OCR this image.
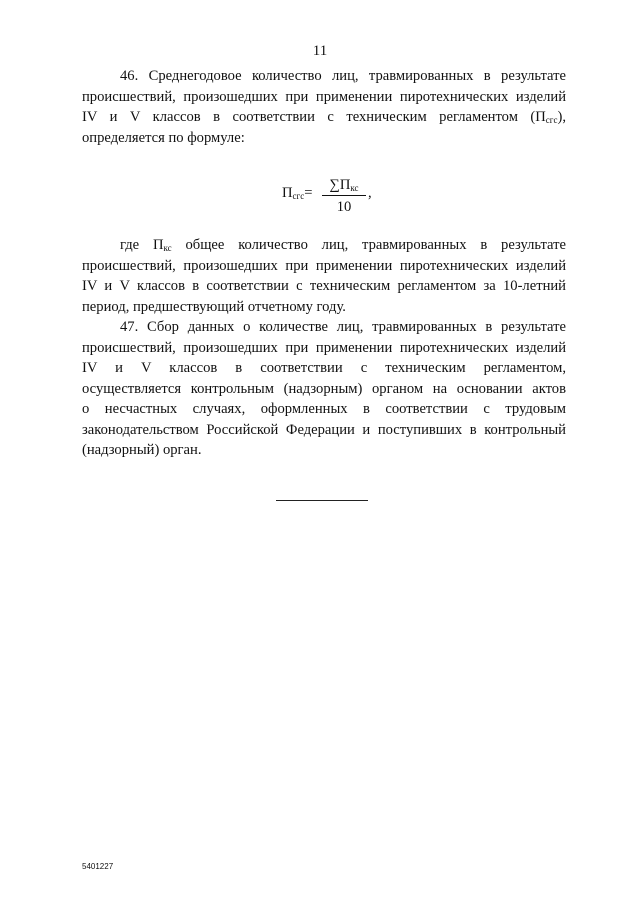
11
46. Среднегодовое количество лиц, травмированных в результате
происшествий, произошедших при применении пиротехнических изделий
IV и V классов в соответствии с техническим регламентом $(П_{сгс})$,
определяется по формуле:
$П_{сгс}=$	$\sum П_{кс}$
10
,
где $П_{кс}$ общее количество лиц, травмированных в результате
происшествий, произошедших при применении пиротехнических изделий
IV и V классов в соответствии с техническим регламентом за 10-летний
период, предшествующий отчетному году.
47. Сбор данных о количестве лиц, травмированных в результате
происшествий, произошедших при применении пиротехнических изделий
IV и V классов в соответствии с техническим регламентом,
осуществляется контрольным (надзорным) органом на основании актов
о несчастных случаях, оформленных в соответствии с трудовым
законодательством Российской Федерации и поступивших в контрольный
(надзорный) орган.
5401227
